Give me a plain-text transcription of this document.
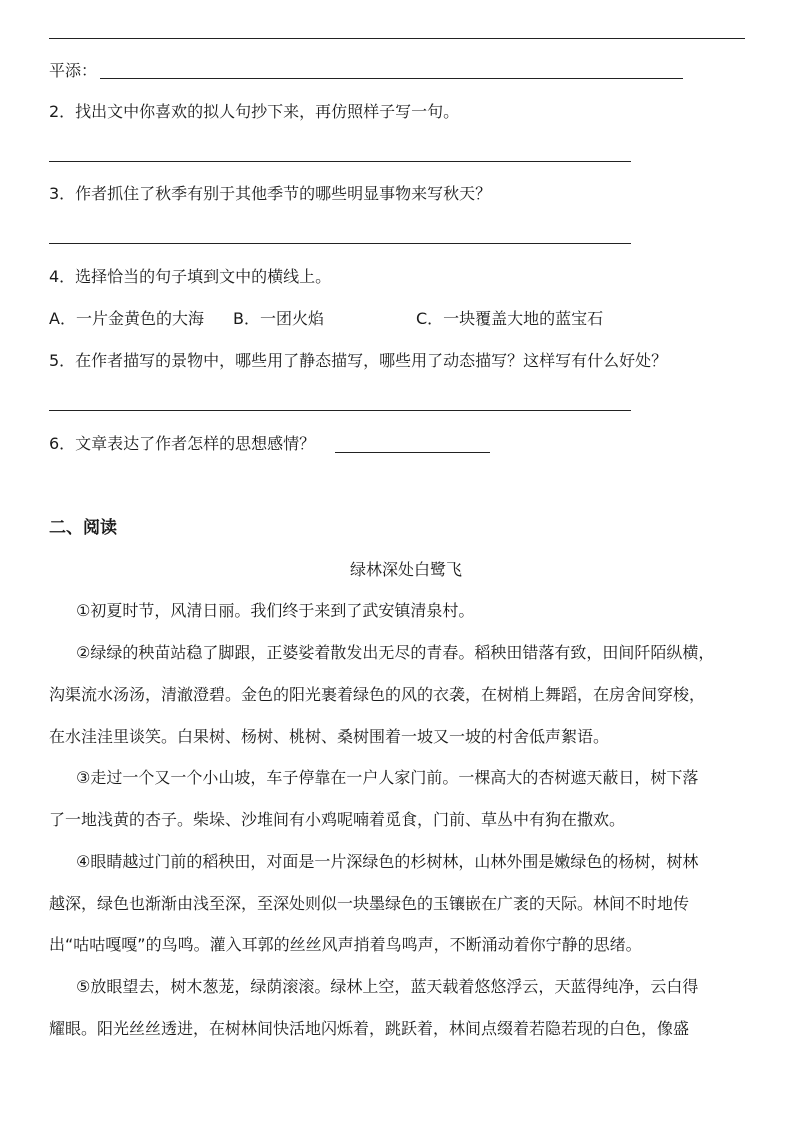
平添：
2．找出文中你喜欢的拟人句抄下来，再仿照样子写一句。
3．作者抓住了秋季有别于其他季节的哪些明显事物来写秋天？
4．选择恰当的句子填到文中的横线上。
A．一片金黄色的大海 B．一团火焰	C．一块覆盖大地的蓝宝石
5．在作者描写的景物中，哪些用了静态描写，哪些用了动态描写？这样写有什么好处？
6．文章表达了作者怎样的思想感情？
二、阅读
绿林深处白鹭飞
①初夏时节，风清日丽。我们终于来到了武安镇清泉村。
②绿绿的秧苗站稳了脚跟，正婆娑着散发出无尽的青春。稻秧田错落有致，田间阡陌纵横，
沟渠流水汤汤，清澈澄碧。金色的阳光裹着绿色的风的衣袭，在树梢上舞蹈，在房舍间穿梭，
在水洼洼里谈笑。白果树、杨树、桃树、桑树围着一坡又一坡的村舍低声絮语。
③走过一个又一个小山坡，车子停靠在一户人家门前。一棵高大的杏树遮天蔽日，树下落
了一地浅黄的杏子。柴垛、沙堆间有小鸡呢喃着觅食，门前、草丛中有狗在撒欢。
④眼睛越过门前的稻秧田，对面是一片深绿色的杉树林，山林外围是嫩绿色的杨树，树林
越深，绿色也渐渐由浅至深，至深处则似一块墨绿色的玉镶嵌在广袤的天际。林间不时地传
出“咕咕嘎嘎”的鸟鸣。灌入耳郭的丝丝风声捎着鸟鸣声，不断涌动着你宁静的思绪。
⑤放眼望去，树木葱茏，绿荫滚滚。绿林上空，蓝天载着悠悠浮云，天蓝得纯净，云白得
耀眼。阳光丝丝透进，在树林间快活地闪烁着，跳跃着，林间点缀着若隐若现的白色，像盛
